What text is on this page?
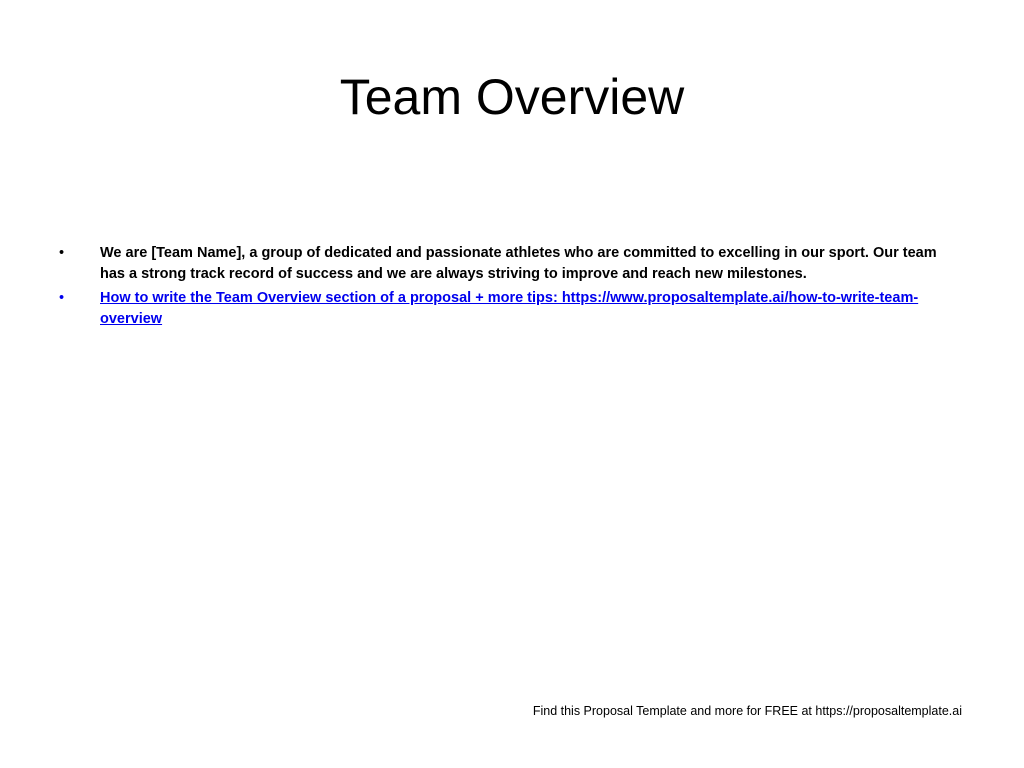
Team Overview
• We are [Team Name], a group of dedicated and passionate athletes who are committed to excelling in our sport. Our team has a strong track record of success and we are always striving to improve and reach new milestones.
• How to write the Team Overview section of a proposal + more tips: https://www.proposaltemplate.ai/how-to-write-team-overview
Find this Proposal Template and more for FREE at https://proposaltemplate.ai
